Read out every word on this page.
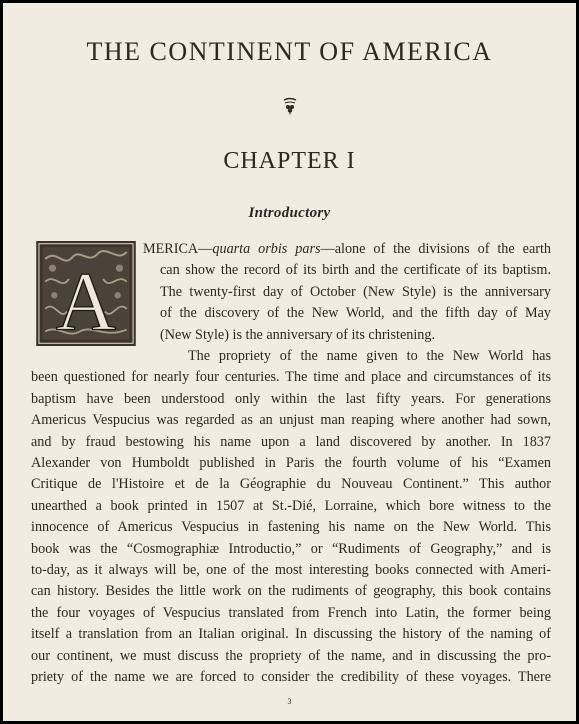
THE CONTINENT OF AMERICA
CHAPTER I
Introductory
A
MERICA—quarta orbis pars—alone of the divisions of the earth
can show the record of its birth and the certificate of its baptism.
The twenty-first day of October (New Style) is the anniversary
of the discovery of the New World, and the fifth day of May
(New Style) is the anniversary of its christening.
The propriety of the name given to the New World has
been questioned for nearly four centuries. The time and place and circumstances of its
baptism have been understood only within the last fifty years. For generations
Americus Vespucius was regarded as an unjust man reaping where another had sown,
and by fraud bestowing his name upon a land discovered by another. In 1837
Alexander von Humboldt published in Paris the fourth volume of his “Examen
Critique de l'Histoire et de la Géographie du Nouveau Continent.” This author
unearthed a book printed in 1507 at St.-Dié, Lorraine, which bore witness to the
innocence of Americus Vespucius in fastening his name on the New World. This
book was the “Cosmographiæ Introductio,” or “Rudiments of Geography,” and is
to-day, as it always will be, one of the most interesting books connected with Ameri-
can history. Besides the little work on the rudiments of geography, this book contains
the four voyages of Vespucius translated from French into Latin, the former being
itself a translation from an Italian original. In discussing the history of the naming of
our continent, we must discuss the propriety of the name, and in discussing the pro-
priety of the name we are forced to consider the credibility of these voyages. There
3
